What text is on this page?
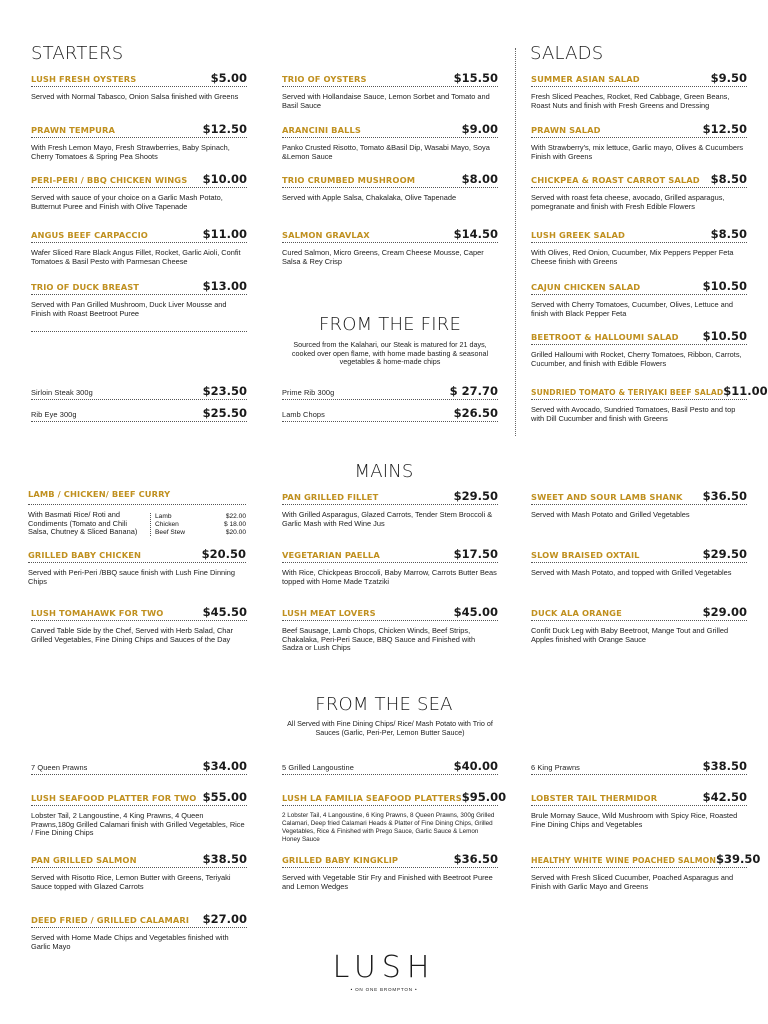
STARTERS	SALADS
LUSH FRESH OYSTERS	$5.00
Served with Normal Tabasco, Onion Salsa finished with Greens
PRAWN TEMPURA	$12.50
With Fresh Lemon Mayo, Fresh Strawberries, Baby Spinach, Cherry Tomatoes & Spring Pea Shoots
PERI-PERI / BBQ CHICKEN WINGS $10.00
Served with sauce of your choice on a Garlic Mash Potato, Butternut Puree and Finish with Olive Tapenade
ANGUS BEEF CARPACCIO	$11.00
Wafer Sliced Rare Black Angus Fillet, Rocket, Garlic Aioli, Confit Tomatoes & Basil Pesto with Parmesan Cheese
TRIO OF DUCK BREAST	$13.00
Served with Pan Grilled Mushroom, Duck Liver Mousse and Finish with Roast Beetroot Puree
TRIO OF OYSTERS	$15.50
Served with Hollandaise Sauce, Lemon Sorbet and Tomato and Basil Sauce
ARANCINI BALLS	$9.00
Panko Crusted Risotto, Tomato &Basil Dip, Wasabi Mayo, Soya &Lemon Sauce
TRIO CRUMBED MUSHROOM	$8.00
Served with Apple Salsa, Chakalaka, Olive Tapenade
SALMON GRAVLAX	$14.50
Cured Salmon, Micro Greens, Cream Cheese Mousse, Caper Salsa & Rey Crisp
FROM THE FIRE
Sourced from the Kalahari, our Steak is matured for 21 days, cooked over open flame, with home made basting & seasonal vegetables & home-made chips
Sirloin Steak 300g	$23.50
Rib Eye 300g	$25.50
Prime Rib 300g	$ 27.70
Lamb Chops	$26.50
SUMMER ASIAN SALAD	$9.50
Fresh Sliced Peaches, Rocket, Red Cabbage, Green Beans, Roast Nuts and finish with Fresh Greens and Dressing
PRAWN SALAD	$12.50
With Strawberry's, mix lettuce, Garlic mayo, Olives & Cucumbers Finish with Greens
CHICKPEA & ROAST CARROT SALAD $8.50
Served with roast feta cheese, avocado, Grilled asparagus, pomegranate and finish with Fresh Edible Flowers
LUSH GREEK SALAD	$8.50
With Olives, Red Onion, Cucumber, Mix Peppers Pepper Feta Cheese finish with Greens
CAJUN CHICKEN SALAD	$10.50
Served with Cherry Tomatoes, Cucumber, Olives, Lettuce and finish with Black Pepper Feta
BEETROOT & HALLOUMI SALAD $10.50
Grilled Halloumi with Rocket, Cherry Tomatoes, Ribbon, Carrots, Cucumber, and finish with Edible Flowers
SUNDRIED TOMATO & TERIYAKI BEEF SALAD $11.00
Served with Avocado, Sundried Tomatoes, Basil Pesto and top with Dill Cucumber and finish with Greens
MAINS
LAMB / CHICKEN/ BEEF CURRY
With Basmati Rice/ Roti and Condiments (Tomato and Chili Salsa, Chutney & Sliced Banana)
Lamb	$22.00
Chicken	$ 18.00
Beef Stew	$20.00
GRILLED BABY CHICKEN	$20.50
Served with Peri-Peri /BBQ sauce finish with Lush Fine Dinning Chips
LUSH TOMAHAWK FOR TWO	$45.50
Carved Table Side by the Chef, Served with Herb Salad, Char Grilled Vegetables, Fine Dining Chips and Sauces of the Day
PAN GRILLED FILLET	$29.50
With Grilled Asparagus, Glazed Carrots, Tender Stem Broccoli & Garlic Mash with Red Wine Jus
VEGETARIAN PAELLA	$17.50
With Rice, Chickpeas Broccoli, Baby Marrow, Carrots Butter Beas topped with Home Made Tzatziki
LUSH MEAT LOVERS	$45.00
Beef Sausage, Lamb Chops, Chicken Winds, Beef Strips, Chakalaka, Peri-Peri Sauce, BBQ Sauce and Finished with Sadza or Lush Chips
SWEET AND SOUR LAMB SHANK $36.50
Served with Mash Potato and Grilled Vegetables
SLOW BRAISED OXTAIL	$29.50
Served with Mash Potato, and topped with Grilled Vegetables
DUCK ALA ORANGE	$29.00
Confit Duck Leg with Baby Beetroot, Mange Tout and Grilled Apples finished with Orange Sauce
FROM THE SEA
All Served with Fine Dining Chips/ Rice/ Mash Potato with Trio of Sauces (Garlic, Peri-Per, Lemon Butter Sauce)
7 Queen Prawns	$34.00	5 Grilled Langoustine	$40.00	6 King Prawns	$38.50
LUSH SEAFOOD PLATTER FOR TWO $55.00
Lobster Tail, 2 Langoustine, 4 King Prawns, 4 Queen Prawns,180g Grilled Calamari finish with Grilled Vegetables, Rice / Fine Dining Chips
PAN GRILLED SALMON	$38.50
Served with Risotto Rice, Lemon Butter with Greens, Teriyaki Sauce topped with Glazed Carrots
DEED FRIED / GRILLED CALAMARI $27.00
Served with Home Made Chips and Vegetables finished with Garlic Mayo
LUSH LA FAMILIA SEAFOOD PLATTERS $95.00
2 Lobster Tail, 4 Langoustine, 6 King Prawns, 8 Queen Prawns, 300g Grilled Calamari, Deep fried Calamari Heads & Platter of Fine Dining Chips, Grilled Vegetables, Rice & Finished with Prego Sauce, Garlic Sauce & Lemon Honey Sauce
GRILLED BABY KINGKLIP	$36.50
Served with Vegetable Stir Fry and Finished with Beetroot Puree and Lemon Wedges
LOBSTER TAIL THERMIDOR	$42.50
Brule Mornay Sauce, Wild Mushroom with Spicy Rice, Roasted Fine Dining Chips and Vegetables
HEALTHY WHITE WINE POACHED SALMON $39.50
Served with Fresh Sliced Cucumber, Poached Asparagus and Finish with Garlic Mayo and Greens
LUSH
• ON ONE BROMPTON •
